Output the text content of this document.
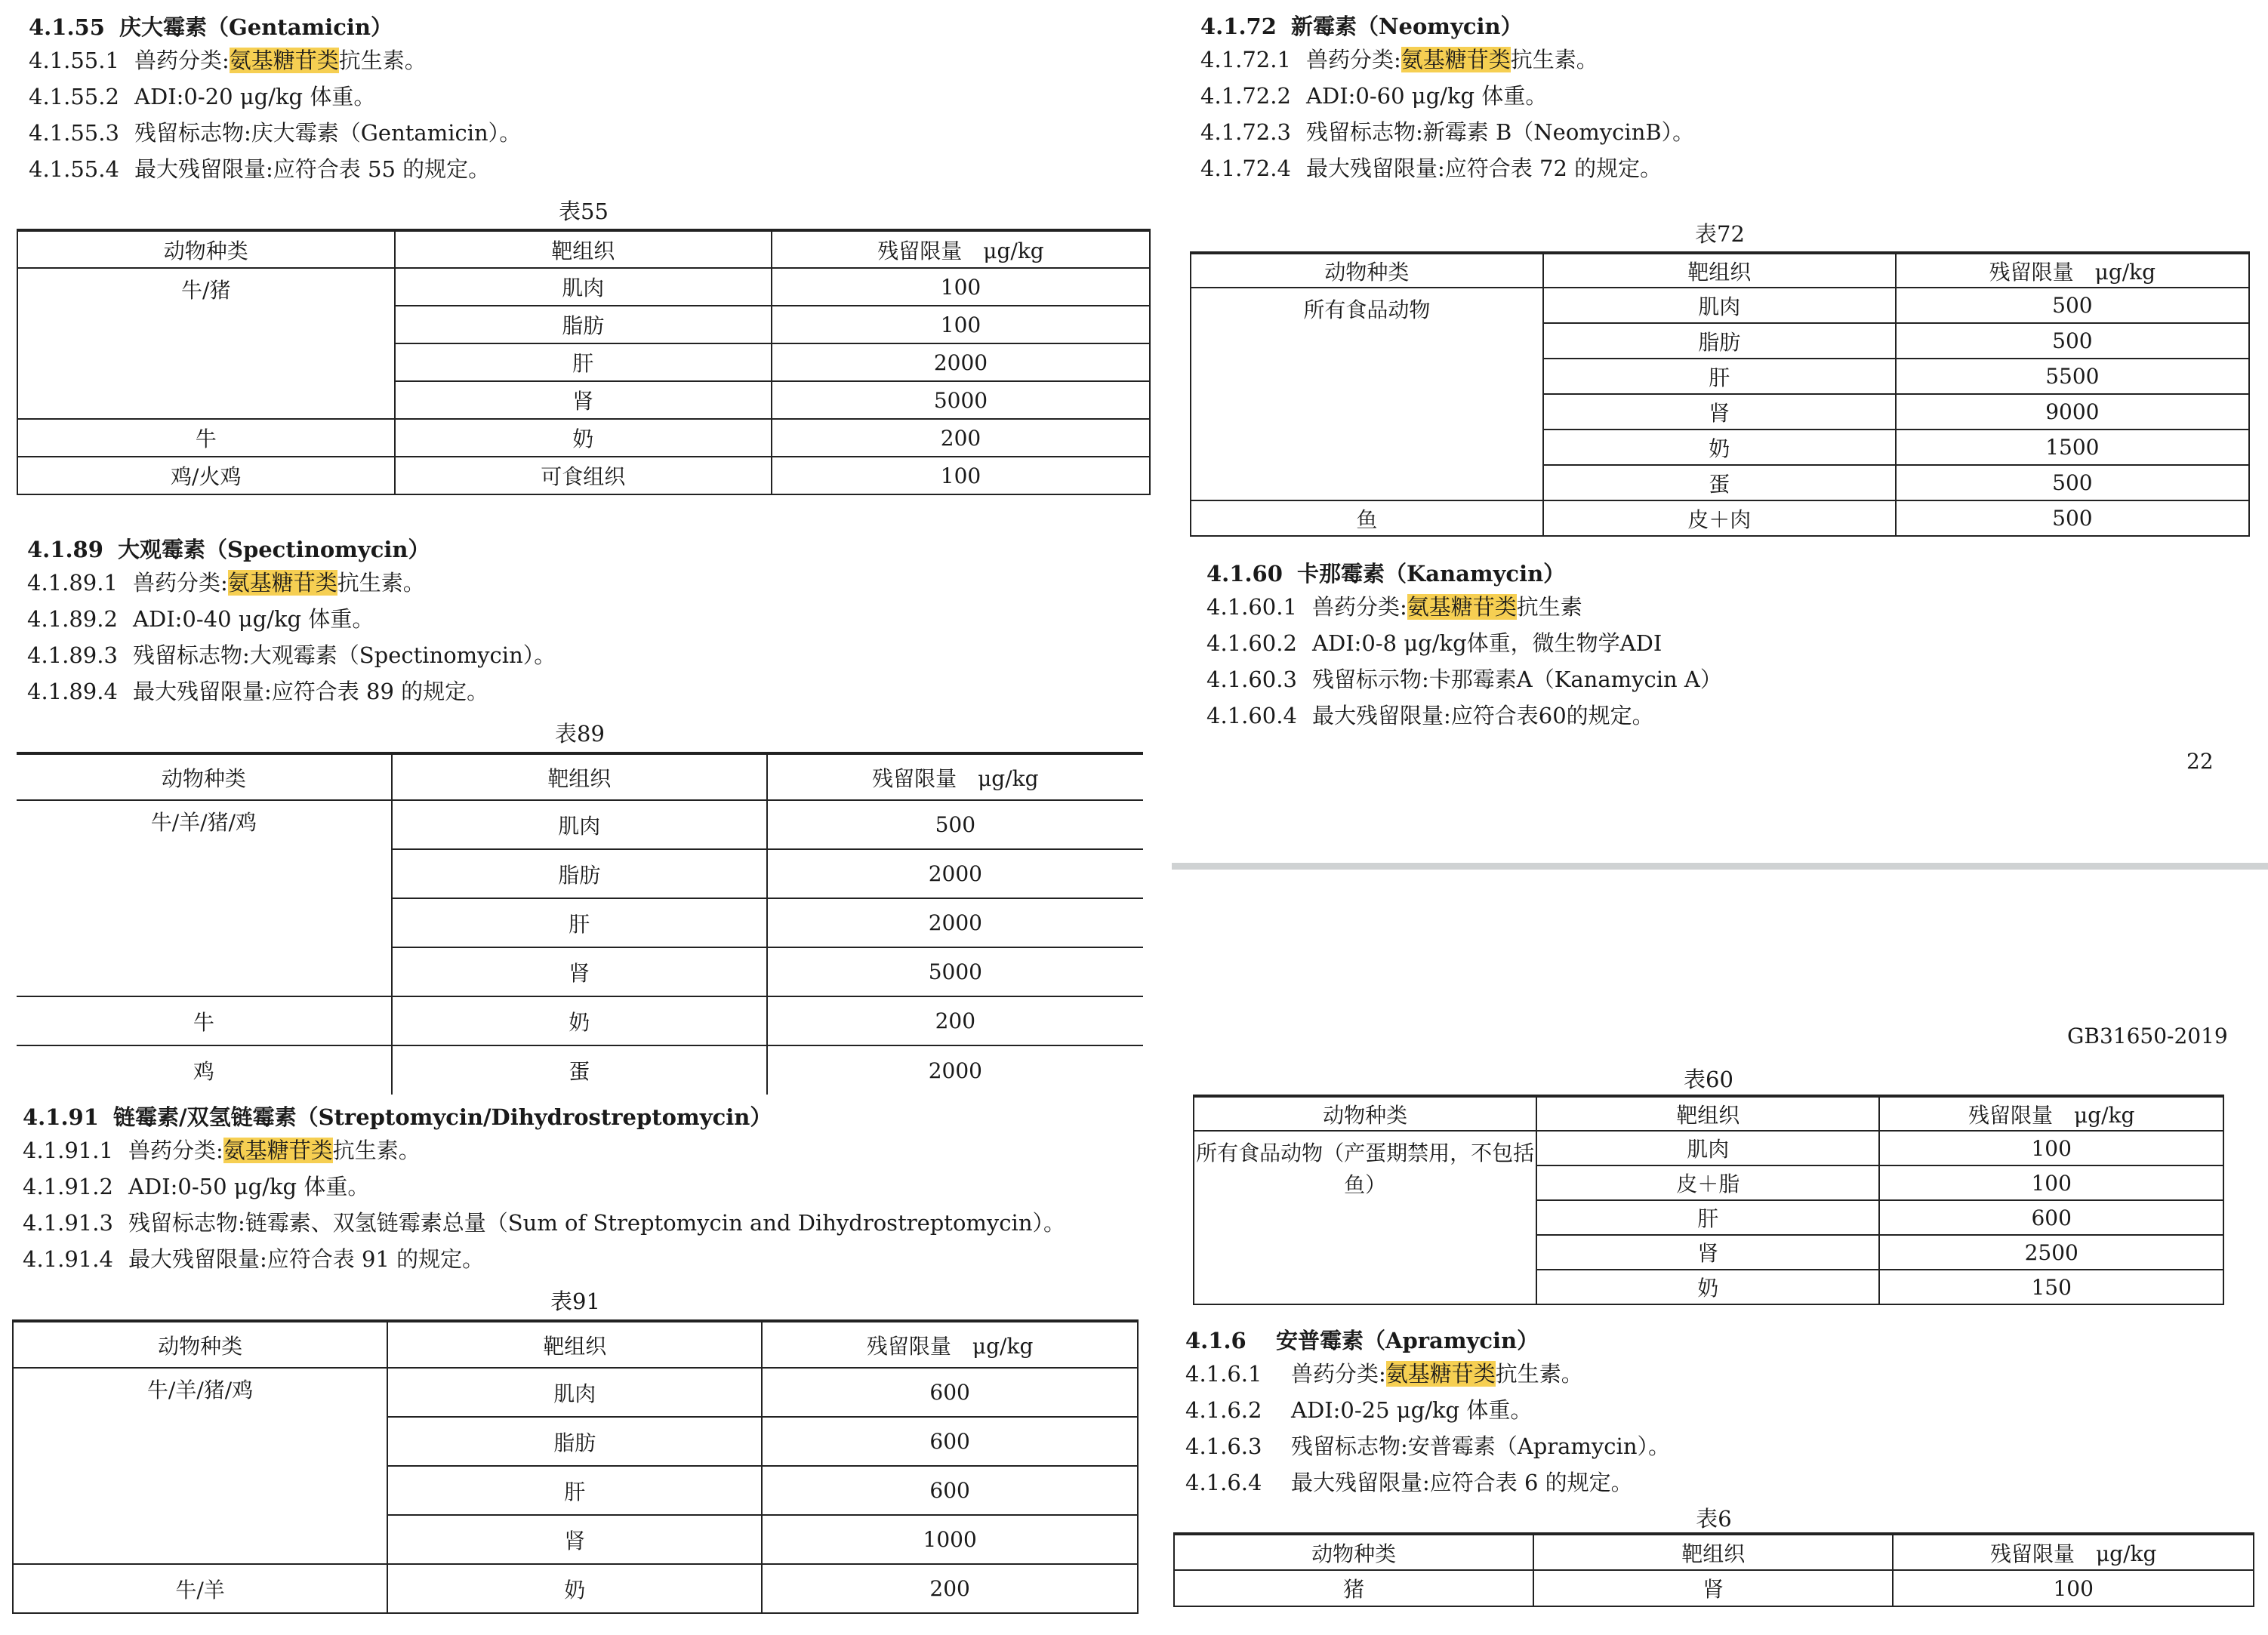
4.1.55 庆大霉素（Gentamicin）
4.1.55.1 兽药分类:氨基糖苷类抗生素。
4.1.55.2 ADI:0-20 μg/kg 体重。
4.1.55.3 残留标志物:庆大霉素（Gentamicin）。
4.1.55.4 最大残留限量:应符合表 55 的规定。
表55
动物种类	靶组织	残留限量　μg/kg
牛/猪	肌肉	100
	脂肪	100
	肝	2000
	肾	5000
牛	奶	200
鸡/火鸡	可食组织	100
4.1.89 大观霉素（Spectinomycin）
4.1.89.1 兽药分类:氨基糖苷类抗生素。
4.1.89.2 ADI:0-40 μg/kg 体重。
4.1.89.3 残留标志物:大观霉素（Spectinomycin）。
4.1.89.4 最大残留限量:应符合表 89 的规定。
表89
动物种类	靶组织	残留限量　μg/kg
牛/羊/猪/鸡	肌肉	500
	脂肪	2000
	肝	2000
	肾	5000
牛	奶	200
鸡	蛋	2000
4.1.91 链霉素/双氢链霉素（Streptomycin/Dihydrostreptomycin）
4.1.91.1 兽药分类:氨基糖苷类抗生素。
4.1.91.2 ADI:0-50 μg/kg 体重。
4.1.91.3 残留标志物:链霉素、双氢链霉素总量（Sum of Streptomycin and Dihydrostreptomycin）。
4.1.91.4 最大残留限量:应符合表 91 的规定。
表91
动物种类	靶组织	残留限量　μg/kg
牛/羊/猪/鸡	肌肉	600
	脂肪	600
	肝	600
	肾	1000
牛/羊	奶	200
4.1.72 新霉素（Neomycin）
4.1.72.1 兽药分类:氨基糖苷类抗生素。
4.1.72.2 ADI:0-60 μg/kg 体重。
4.1.72.3 残留标志物:新霉素 B（NeomycinB）。
4.1.72.4 最大残留限量:应符合表 72 的规定。
表72
动物种类	靶组织	残留限量　μg/kg
所有食品动物	肌肉	500
	脂肪	500
	肝	5500
	肾	9000
	奶	1500
	蛋	500
鱼	皮＋肉	500
4.1.60 卡那霉素（Kanamycin）
4.1.60.1 兽药分类:氨基糖苷类抗生素
4.1.60.2 ADI:0-8 μg/kg体重，微生物学ADI
4.1.60.3 残留标示物:卡那霉素A（Kanamycin A）
4.1.60.4 最大残留限量:应符合表60的规定。
22
GB31650-2019
表60
动物种类	靶组织	残留限量　μg/kg
所有食品动物（产蛋期禁用，不包括鱼）	肌肉	100
	皮＋脂	100
	肝	600
	肾	2500
	奶	150
4.1.6 安普霉素（Apramycin）
4.1.6.1 兽药分类:氨基糖苷类抗生素。
4.1.6.2 ADI:0-25 μg/kg 体重。
4.1.6.3 残留标志物:安普霉素（Apramycin）。
4.1.6.4 最大残留限量:应符合表 6 的规定。
表6
动物种类	靶组织	残留限量　μg/kg
猪	肾	100
